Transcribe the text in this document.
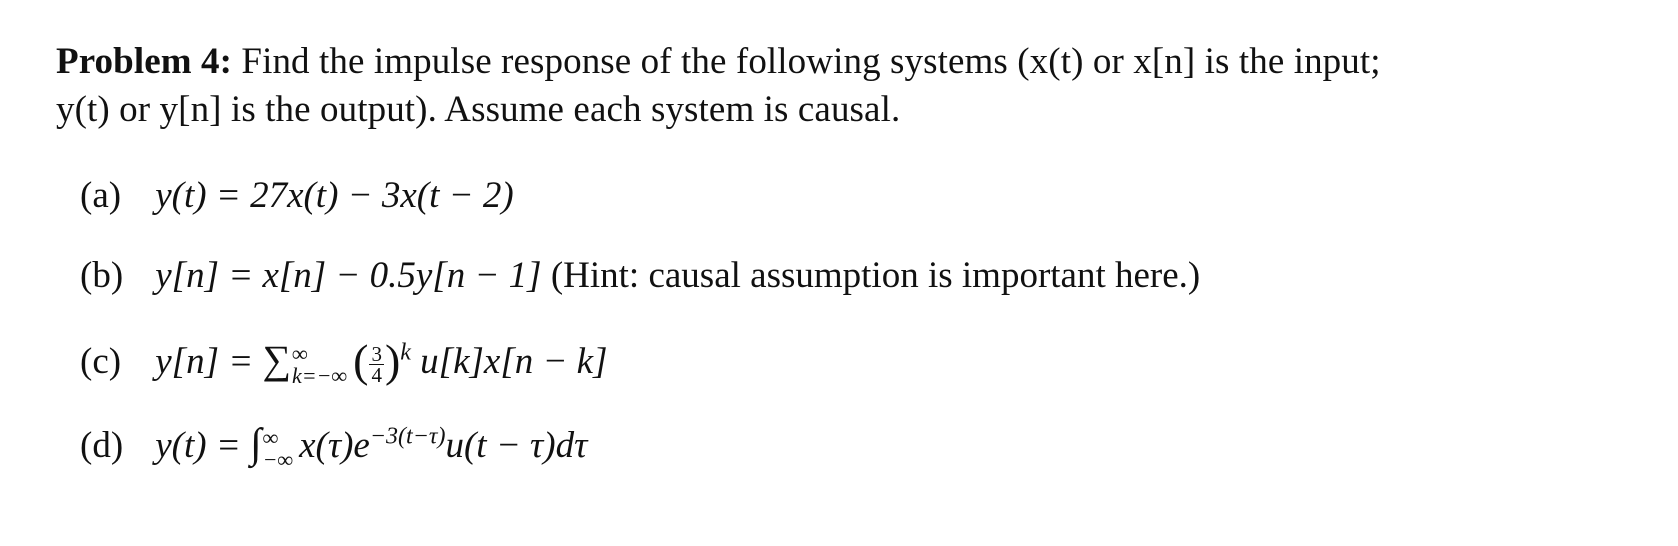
Problem 4: Find the impulse response of the following systems (x(t) or x[n] is the input;
y(t) or y[n] is the output). Assume each system is causal.
(a) y(t) = 27x(t) − 3x(t − 2)
(b) y[n] = x[n] − 0.5y[n − 1] (Hint: causal assumption is important here.)
(c) y[n] = ∑ ∞
k=−∞ ( $\frac{3}{4} )^k$ u[k]x[n − k]
(d) y(t) = ∫ ∞
−∞ $x(\tau)e^{-3(t-\tau)}u(t - \tau)d\tau$
